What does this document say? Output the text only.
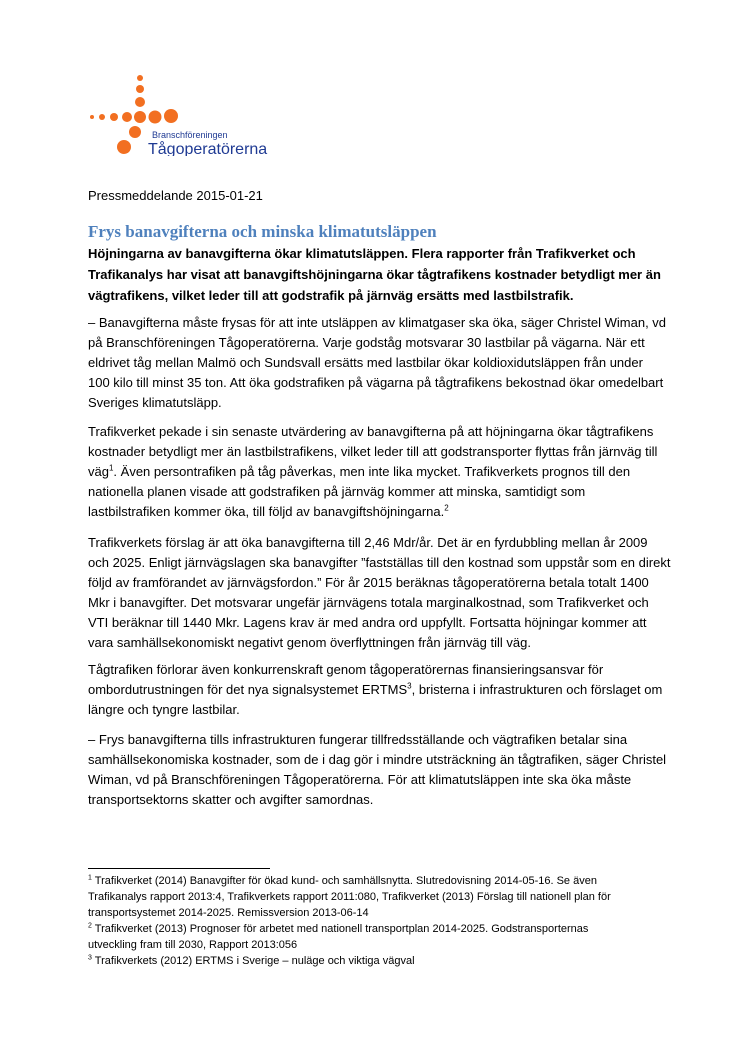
Branschföreningen
Tågoperatörerna
Pressmeddelande 2015-01-21
Frys banavgifterna och minska klimatutsläppen
Höjningarna av banavgifterna ökar klimatutsläppen. Flera rapporter från Trafikverket och
Trafikanalys har visat att banavgiftshöjningarna ökar tågtrafikens kostnader betydligt mer än
vägtrafikens, vilket leder till att godstrafik på järnväg ersätts med lastbilstrafik.
– Banavgifterna måste frysas för att inte utsläppen av klimatgaser ska öka, säger Christel Wiman, vd
på Branschföreningen Tågoperatörerna. Varje godståg motsvarar 30 lastbilar på vägarna. När ett
eldrivet tåg mellan Malmö och Sundsvall ersätts med lastbilar ökar koldioxidutsläppen från under
100 kilo till minst 35 ton. Att öka godstrafiken på vägarna på tågtrafikens bekostnad ökar omedelbart
Sveriges klimatutsläpp.
Trafikverket pekade i sin senaste utvärdering av banavgifterna på att höjningarna ökar tågtrafikens
kostnader betydligt mer än lastbilstrafikens, vilket leder till att godstransporter flyttas från järnväg till
väg$^1$. Även persontrafiken på tåg påverkas, men inte lika mycket. Trafikverkets prognos till den
nationella planen visade att godstrafiken på järnväg kommer att minska, samtidigt som
lastbilstrafiken kommer öka, till följd av banavgiftshöjningarna.$^2$
Trafikverkets förslag är att öka banavgifterna till 2,46 Mdr/år. Det är en fyrdubbling mellan år 2009
och 2025. Enligt järnvägslagen ska banavgifter ”fastställas till den kostnad som uppstår som en direkt
följd av framförandet av järnvägsfordon.” För år 2015 beräknas tågoperatörerna betala totalt 1400
Mkr i banavgifter. Det motsvarar ungefär järnvägens totala marginalkostnad, som Trafikverket och
VTI beräknar till 1440 Mkr. Lagens krav är med andra ord uppfyllt. Fortsatta höjningar kommer att
vara samhällsekonomiskt negativt genom överflyttningen från järnväg till väg.
Tågtrafiken förlorar även konkurrenskraft genom tågoperatörernas finansieringsansvar för
ombordutrustningen för det nya signalsystemet ERTMS$^3$, bristerna i infrastrukturen och förslaget om
längre och tyngre lastbilar.
– Frys banavgifterna tills infrastrukturen fungerar tillfredsställande och vägtrafiken betalar sina
samhällsekonomiska kostnader, som de i dag gör i mindre utsträckning än tågtrafiken, säger Christel
Wiman, vd på Branschföreningen Tågoperatörerna. För att klimatutsläppen inte ska öka måste
transportsektorns skatter och avgifter samordnas.
$^1$ Trafikverket (2014) Banavgifter för ökad kund- och samhällsnytta. Slutredovisning 2014-05-16. Se även
Trafikanalys rapport 2013:4, Trafikverkets rapport 2011:080, Trafikverket (2013) Förslag till nationell plan för
transportsystemet 2014-2025. Remissversion 2013-06-14
$^2$ Trafikverket (2013) Prognoser för arbetet med nationell transportplan 2014-2025. Godstransporternas
utveckling fram till 2030, Rapport 2013:056
$^3$ Trafikverkets (2012) ERTMS i Sverige – nuläge och viktiga vägval
